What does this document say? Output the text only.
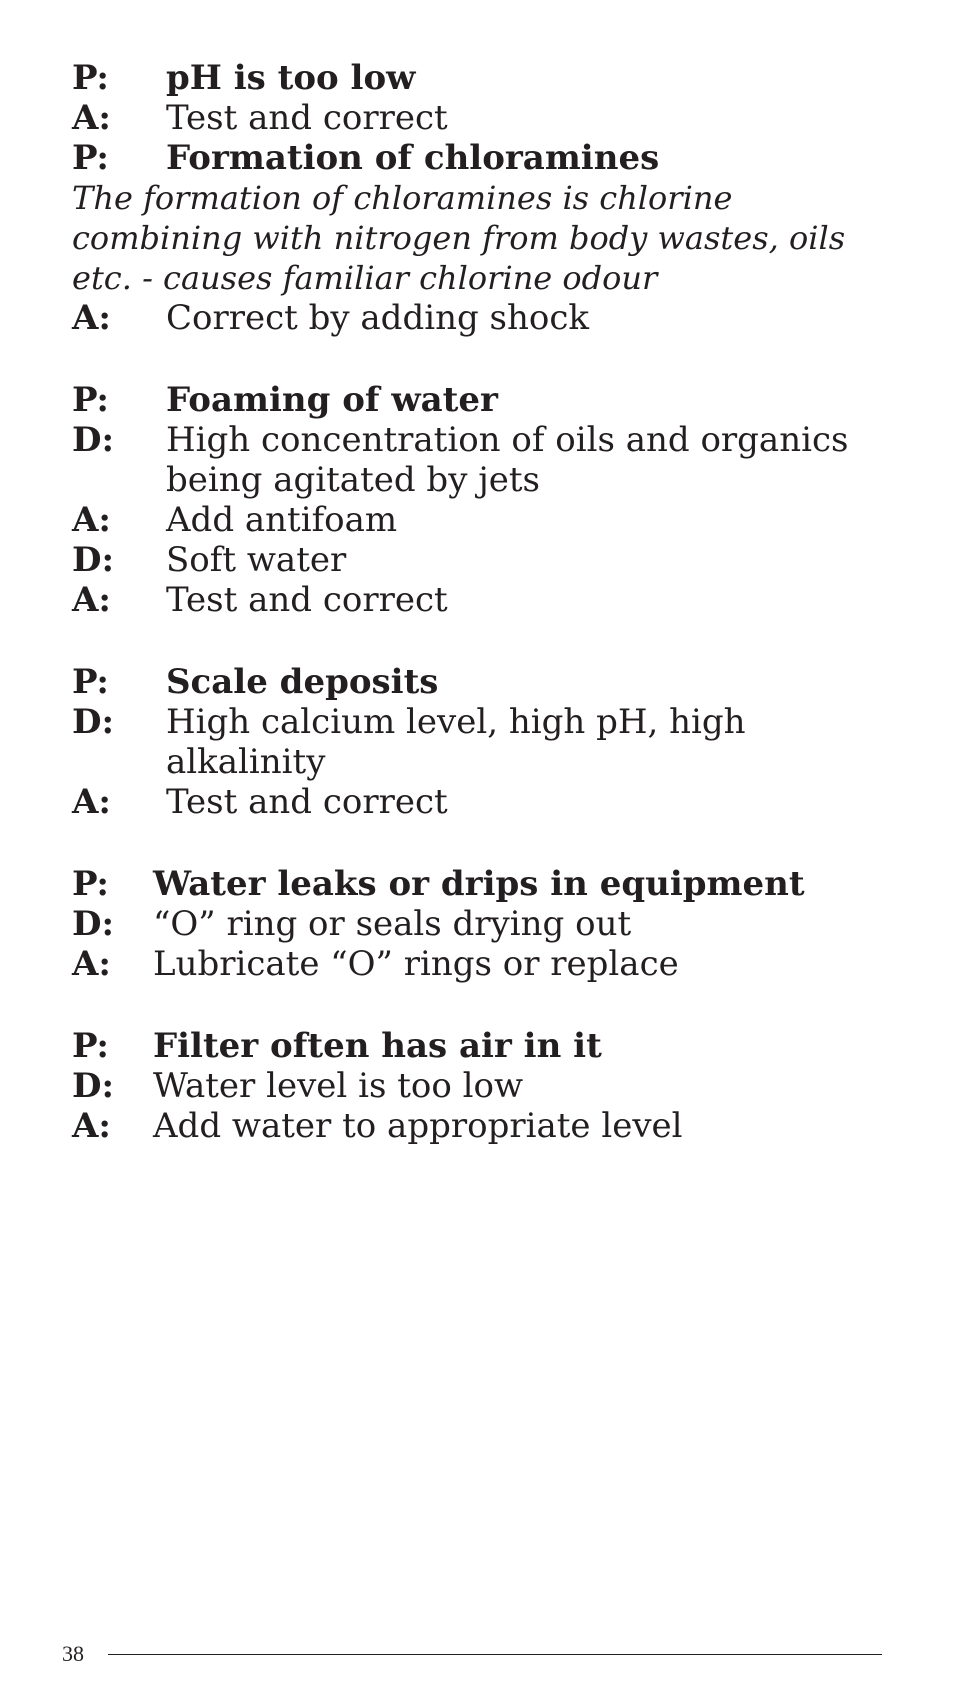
P:	pH is too low
A:	Test and correct
P:	Formation of chloramines
The formation of chloramines is chlorine combining with nitrogen from body wastes, oils etc. - causes familiar chlorine odour
A:	Correct by adding shock
P:	Foaming of water
D:	High concentration of oils and organics being agitated by jets
A:	Add antifoam
D:	Soft water
A:	Test and correct
P:	Scale deposits
D:	High calcium level, high pH, high alkalinity
A:	Test and correct
P:	Water leaks or drips in equipment
D:	“O” ring or seals drying out
A:	Lubricate “O” rings or replace
P:	Filter often has air in it
D:	Water level is too low
A:	Add water to appropriate level
38
